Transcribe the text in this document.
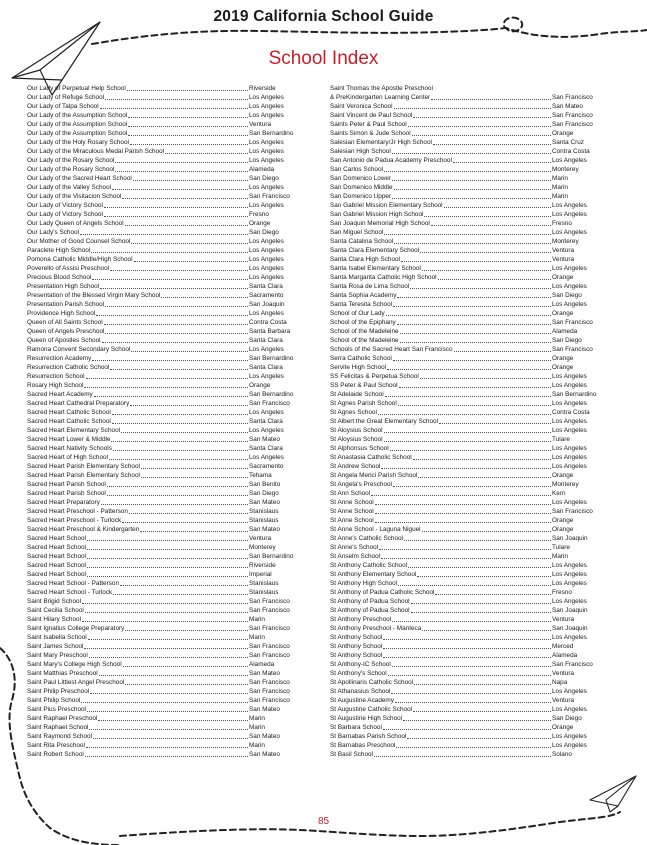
2019 California School Guide
School Index
Our Lady of Perpetual Help School	Riverside
Our Lady of Refuge School	Los Angeles
Our Lady of Talpa School	Los Angeles
Our Lady of the Assumption School	Los Angeles
Our Lady of the Assumption School	Ventura
Our Lady of the Assumption School	San Bernardino
Our Lady of the Holy Rosary School	Los Angeles
Our Lady of the Miraculous Medal Parish School	Los Angeles
Our Lady of the Rosary School	Los Angeles
Our Lady of the Rosary School	Alameda
Our Lady of the Sacred Heart School	San Diego
Our Lady of the Valley School	Los Angeles
Our Lady of the Visitacion School	San Francisco
Our Lady of Victory School	Los Angeles
Our Lady of Victory School	Fresno
Our Lady Queen of Angels School	Orange
Our Lady's School	San Diego
Our Mother of Good Counsel School	Los Angeles
Paraclete High School	Los Angeles
Pomona Catholic Middle/High School	Los Angeles
Poverello of Assisi Preschool	Los Angeles
Precious Blood School	Los Angeles
Presentation High School	Santa Clara
Presentation of the Blessed Virgin Mary School	Sacramento
Presentation Parish School	San Joaquin
Providence High School	Los Angeles
Queen of All Saints School	Contra Costa
Queen of Angels Preschool	Santa Barbara
Queen of Apostles School	Santa Clara
Ramona Convent Secondary School	Los Angeles
Resurrection Academy	San Bernardino
Resurrection Catholic School	Santa Clara
Resurrection School	Los Angeles
Rosary High School	Orange
Sacred Heart Academy	San Bernardino
Sacred Heart Cathedral Preparatory	San Francisco
Sacred Heart Catholic School	Los Angeles
Sacred Heart Catholic School	Santa Clara
Sacred Heart Elementary School	Los Angeles
Sacred Heart Lower & Middle	San Mateo
Sacred Heart Nativity Schools	Santa Clara
Sacred Heart of High School	Los Angeles
Sacred Heart Parish Elementary School	Sacramento
Sacred Heart Parish Elementary School	Tehama
Sacred Heart Parish School	San Benito
Sacred Heart Parish School	San Diego
Sacred Heart Preparatory	San Mateo
Sacred Heart Preschool - Patterson	Stanislaus
Sacred Heart Preschool - Turlock	Stanislaus
Sacred Heart Preschool & Kindergarten	San Mateo
Sacred Heart School	Ventura
Sacred Heart School	Monterey
Sacred Heart School	San Bernardino
Sacred Heart School	Riverside
Sacred Heart School	Imperial
Sacred Heart School - Patterson	Stanislaus
Sacred Heart School - Turlock	Stanislaus
Saint Brigid School	San Francisco
Saint Cecilia School	San Francisco
Saint Hilary School	Marin
Saint Ignatius College Preparatory	San Francisco
Saint Isabella School	Marin
Saint James School	San Francisco
Saint Mary Preschool	San Francisco
Saint Mary's College High School	Alameda
Saint Matthias Preschool	San Mateo
Saint Paul Littlest Angel Preschool	San Francisco
Saint Philip Preschool	San Francisco
Saint Philip School	San Francisco
Saint Pius Preschool	San Mateo
Saint Raphael Preschool	Marin
Saint Raphael School	Marin
Saint Raymond School	San Mateo
Saint Rita Preschool	Marin
Saint Robert School	San Mateo
Saint Thomas the Apostle Preschool
& PreKindergarten Learning Center	San Francisco
Saint Veronica School	San Mateo
Saint Vincent de Paul School	San Francisco
Saints Peter & Paul School	San Francisco
Saints Simon & Jude School	Orange
Salesian Elementary/Jr High School	Santa Cruz
Salesian High School	Contra Costa
San Antonio de Padua Academy Preschool	Los Angeles
San Carlos School	Monterey
San Domenico Lower	Marin
San Domenico Middle	Marin
San Domenico Upper	Marin
San Gabriel Mission Elementary School	Los Angeles
San Gabriel Mission High School	Los Angeles
San Joaquin Memorial High School	Fresno
San Miguel School	Los Angeles
Santa Catalina School	Monterey
Santa Clara Elementary School	Ventura
Santa Clara High School	Ventura
Santa Isabel Elementary School	Los Angeles
Santa Margarita Catholic High School	Orange
Santa Rosa de Lima School	Los Angeles
Santa Sophia Academy	San Diego
Santa Teresita School	Los Angeles
School of Our Lady	Orange
School of the Epiphany	San Francisco
School of the Madeleine	Alameda
School of the Madeleine	San Diego
Schools of the Sacred Heart San Francisco	San Francisco
Serra Catholic School	Orange
Servite High School	Orange
SS Felicitas & Perpetua School	Los Angeles
SS Peter & Paul School	Los Angeles
St Adelaide School	San Bernardino
St Agnes Parish School	Los Angeles
St Agnes School	Contra Costa
St Albert the Great Elementary School	Los Angeles
St Aloysius School	Los Angeles
St Aloysius School	Tulare
St Alphonsus School	Los Angeles
St Anastasia Catholic School	Los Angeles
St Andrew School	Los Angeles
St Angela Merici Parish School	Orange
St Angela's Preschool	Monterey
St Ann School	Kern
St Anne School	Los Angeles
St Anne School	San Francisco
St Anne School	Orange
St Anne School - Laguna Niguel	Orange
St Anne's Catholic School	San Joaquin
St Anne's School	Tulare
St Anselm School	Marin
St Anthony Catholic School	Los Angeles
St Anthony Elementary School	Los Angeles
St Anthony High School	Los Angeles
St Anthony of Padua Catholic School	Fresno
St Anthony of Padua School	Los Angeles
St Anthony of Padua School	San Joaquin
St Anthony Preschool	Ventura
St Anthony Preschool - Manteca	San Joaquin
St Anthony School	Los Angeles
St Anthony School	Merced
St Anthony School	Alameda
St Anthony-IC School	San Francisco
St Anthony's School	Ventura
St Apollinaris Catholic School	Napa
St Athanasius School	Los Angeles
St Augustine Academy	Ventura
St Augustine Catholic School	Los Angeles
St Augustine High School	San Diego
St Barbara School	Orange
St Barnabas Parish School	Los Angeles
St Barnabas Preschool	Los Angeles
St Basil School	Solano
85
